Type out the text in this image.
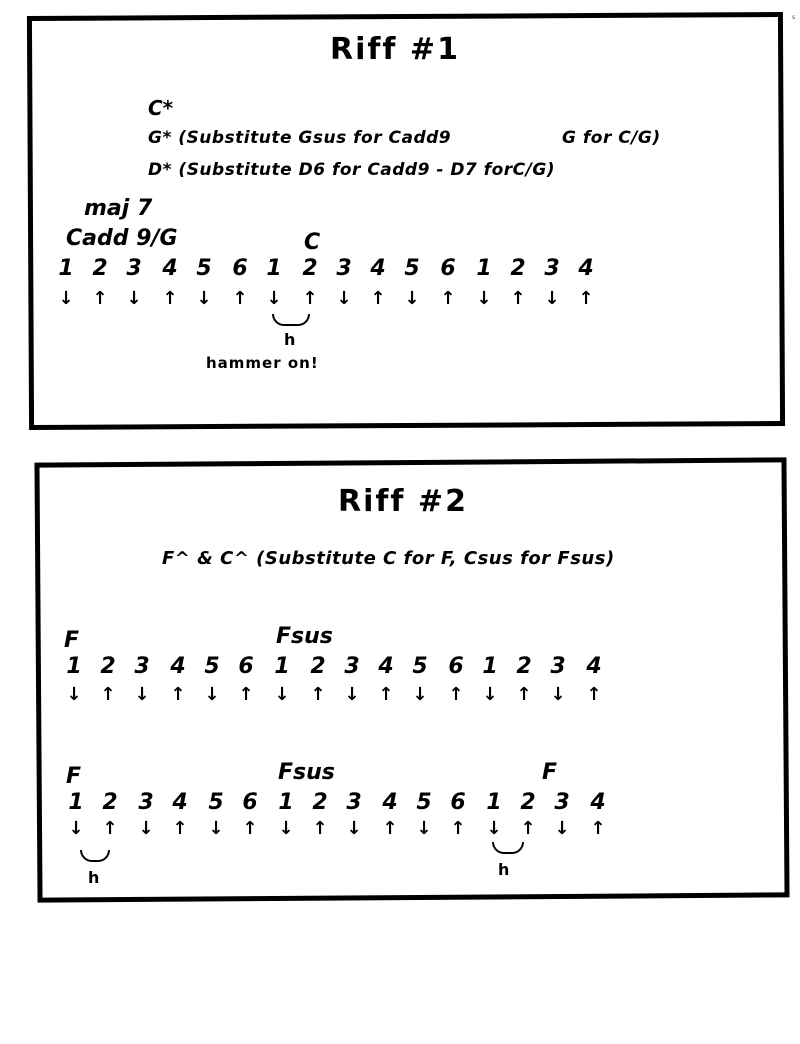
s
Riff #1
C*
G* (Substitute Gsus for Cadd9	G for C/G)
D* (Substitute D6 for Cadd9 - D7 forC/G)
maj 7
Cadd 9/G	C
1 2 3 4 5 6 1 2 3 4 5 6 1 2 3 4
↓ ↑ ↓ ↑ ↓ ↑ ↓ ↑ ↓ ↑ ↓ ↑ ↓ ↑ ↓ ↑
h
hammer on!
Riff #2
F^ & C^ (Substitute C for F, Csus for Fsus)
F	Fsus
1 2 3 4 5 6 1 2 3 4 5 6 1 2 3 4
↓ ↑ ↓ ↑ ↓ ↑ ↓ ↑ ↓ ↑ ↓ ↑ ↓ ↑ ↓ ↑
F	Fsus	F
1 2 3 4 5 6 1 2 3 4 5 6 1 2 3 4
↓ ↑ ↓ ↑ ↓ ↑ ↓ ↑ ↓ ↑ ↓ ↑ ↓ ↑ ↓ ↑
h	h
